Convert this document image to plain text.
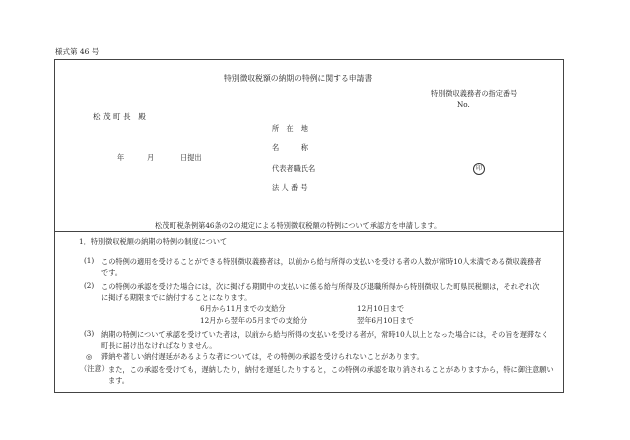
様式第 46 号
特別徴収税額の納期の特例に関する申請書
特別徴収義務者の指定番号
No.
松 茂 町 長　殿
年	月	日提出
所　在　地
名　　　称
代表者職氏名
法 人 番 号
印
松茂町税条例第46条の2の規定による特別徴収税額の特例について承認方を申請します。
1．特別徴収税額の納期の特例の制度について
(1) この特例の適用を受けることができる特別徴収義務者は，以前から給与所得の支払いを受ける者の人数が常時10人未満である徴収義務者です。
(2) この特例の承認を受けた場合には，次に掲げる期間中の支払いに係る給与所得及び退職所得から特別徴収した町県民税額は，それぞれ次に掲げる期限までに納付することになります。
6月から11月までの支給分	12月10日まで
12月から翌年の5月までの支給分	翌年6月10日まで
(3) 納期の特例について承認を受けていた者は，以前から給与所得の支払いを受ける者が，常時10人以上となった場合には，その旨を遅滞なく町長に届け出なければなりません。
◎ 滞納や著しい納付遅延があるような者については，その特例の承認を受けられないことがあります。
（注意） また，この承認を受けても，遅納したり，納付を遅延したりすると，この特例の承認を取り消されることがありますから，特に御注意願います。
